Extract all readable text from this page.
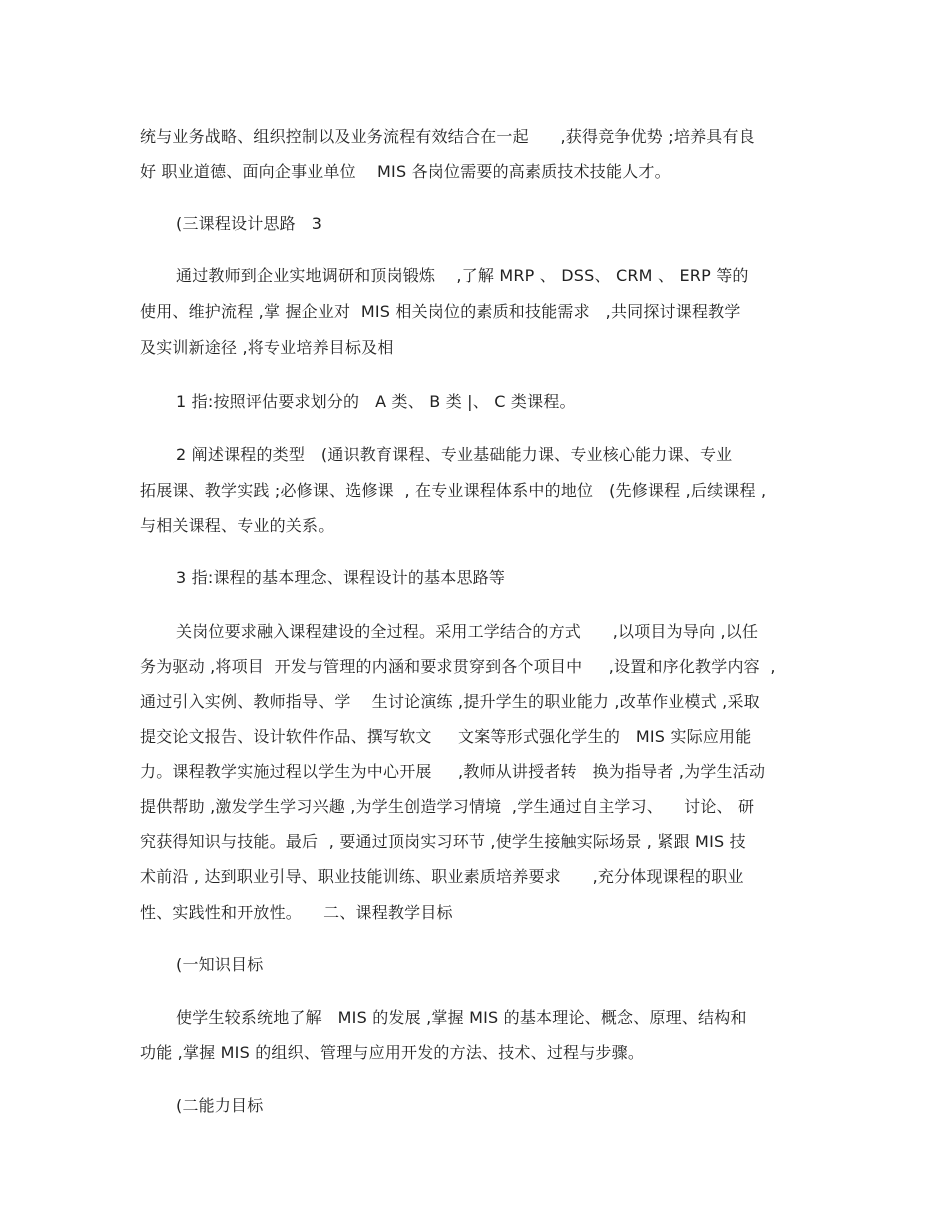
统与业务战略、组织控制以及业务流程有效结合在一起      ,获得竞争优势 ;培养具有良
好 职业道德、面向企事业单位    MIS 各岗位需要的高素质技术技能人才。
(三课程设计思路   3
通过教师到企业实地调研和顶岗锻炼    ,了解 MRP 、 DSS、 CRM 、 ERP 等的
使用、维护流程 ,掌 握企业对  MIS 相关岗位的素质和技能需求   ,共同探讨课程教学
及实训新途径 ,将专业培养目标及相
1 指:按照评估要求划分的   A 类、 B 类 |、 C 类课程。
2 阐述课程的类型   (通识教育课程、专业基础能力课、专业核心能力课、专业
拓展课、教学实践 ;必修课、选修课  , 在专业课程体系中的地位   (先修课程 ,后续课程 ,
与相关课程、专业的关系。
3 指:课程的基本理念、课程设计的基本思路等
关岗位要求融入课程建设的全过程。采用工学结合的方式      ,以项目为导向 ,以任
务为驱动 ,将项目  开发与管理的内涵和要求贯穿到各个项目中     ,设置和序化教学内容  ,
通过引入实例、教师指导、学    生讨论演练 ,提升学生的职业能力 ,改革作业模式 ,采取
提交论文报告、设计软件作品、撰写软文     文案等形式强化学生的   MIS 实际应用能
力。课程教学实施过程以学生为中心开展     ,教师从讲授者转   换为指导者 ,为学生活动
提供帮助 ,激发学生学习兴趣 ,为学生创造学习情境  ,学生通过自主学习、    讨论、 研
究获得知识与技能。最后  , 要通过顶岗实习环节 ,使学生接触实际场景 , 紧跟 MIS 技
术前沿 , 达到职业引导、职业技能训练、职业素质培养要求      ,充分体现课程的职业
性、实践性和开放性。    二、课程教学目标
(一知识目标
使学生较系统地了解   MIS 的发展 ,掌握 MIS 的基本理论、概念、原理、结构和
功能 ,掌握 MIS 的组织、管理与应用开发的方法、技术、过程与步骤。
(二能力目标
